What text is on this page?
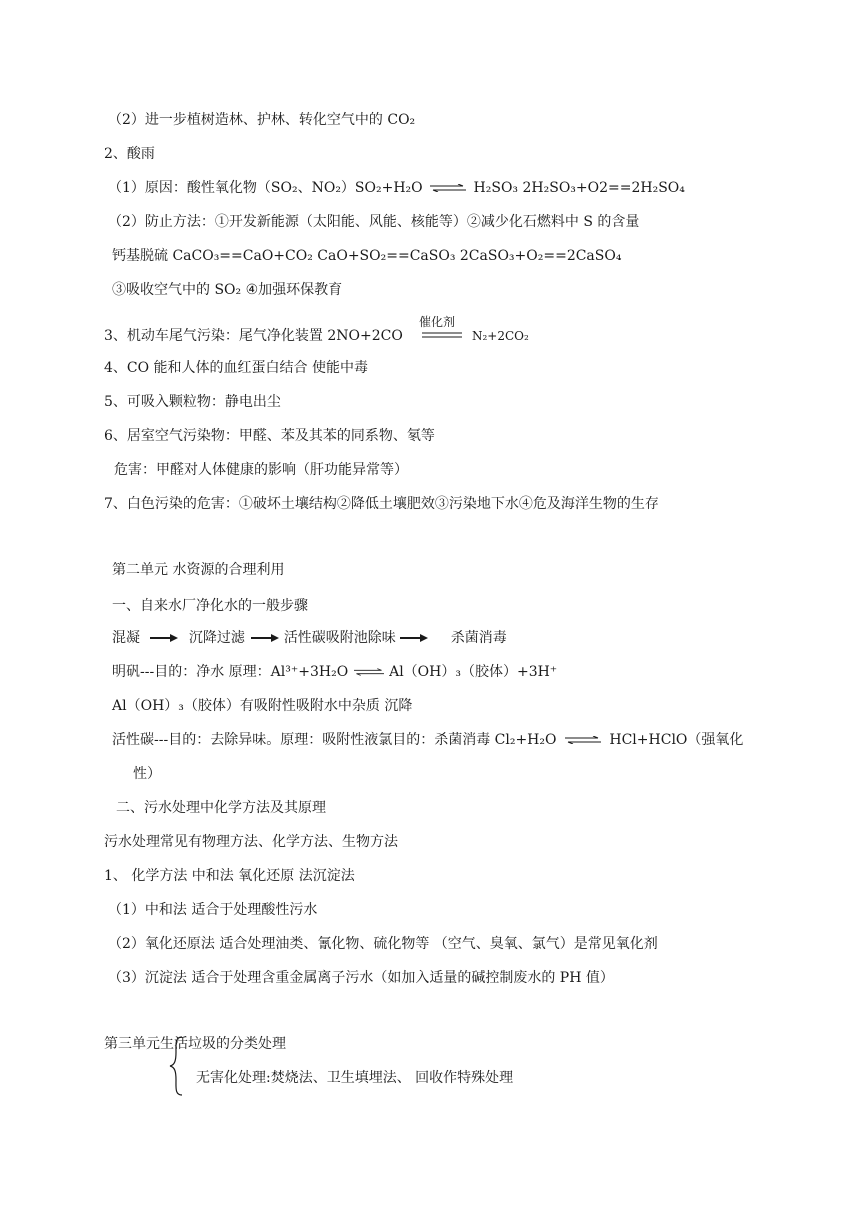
（2）进一步植树造林、护林、转化空气中的 CO₂
2、酸雨
（1）原因：酸性氧化物（SO₂、NO₂）SO₂+H₂O ⇌ H₂SO₃ 2H₂SO₃+O2==2H₂SO₄
（2）防止方法：①开发新能源（太阳能、风能、核能等）②减少化石燃料中 S 的含量
钙基脱硫 CaCO₃==CaO+CO₂ CaO+SO₂==CaSO₃ 2CaSO₃+O₂==2CaSO₄
③吸收空气中的 SO₂ ④加强环保教育
3、机动车尾气污染：尾气净化装置 2NO+2CO
催化剂
N₂+2CO₂
4、CO 能和人体的血红蛋白结合 使能中毒
5、可吸入颗粒物：静电出尘
6、居室空气污染物：甲醛、苯及其苯的同系物、氡等
危害：甲醛对人体健康的影响（肝功能异常等）
7、白色污染的危害：①破坏土壤结构②降低土壤肥效③污染地下水④危及海洋生物的生存
第二单元 水资源的合理利用
一、自来水厂净化水的一般步骤
混凝	沉降过滤	活性碳吸附池除味	杀菌消毒
明矾---目的：净水 原理：Al³⁺+3H₂O ⇌ Al（OH）₃（胶体）+3H⁺
Al（OH）₃（胶体）有吸附性吸附水中杂质 沉降
活性碳---目的：去除异味。原理：吸附性液氯目的：杀菌消毒 Cl₂+H₂O ⇌ HCl+HClO（强氧化
性）
二、污水处理中化学方法及其原理
污水处理常见有物理方法、化学方法、生物方法
1、 化学方法 中和法 氧化还原 法沉淀法
（1）中和法 适合于处理酸性污水
（2）氧化还原法 适合处理油类、氰化物、硫化物等 （空气、臭氧、氯气）是常见氧化剂
（3）沉淀法 适合于处理含重金属离子污水（如加入适量的碱控制废水的 PH 值）
第三单元生活垃圾的分类处理
无害化处理:焚烧法、卫生填埋法、 回收作特殊处理
